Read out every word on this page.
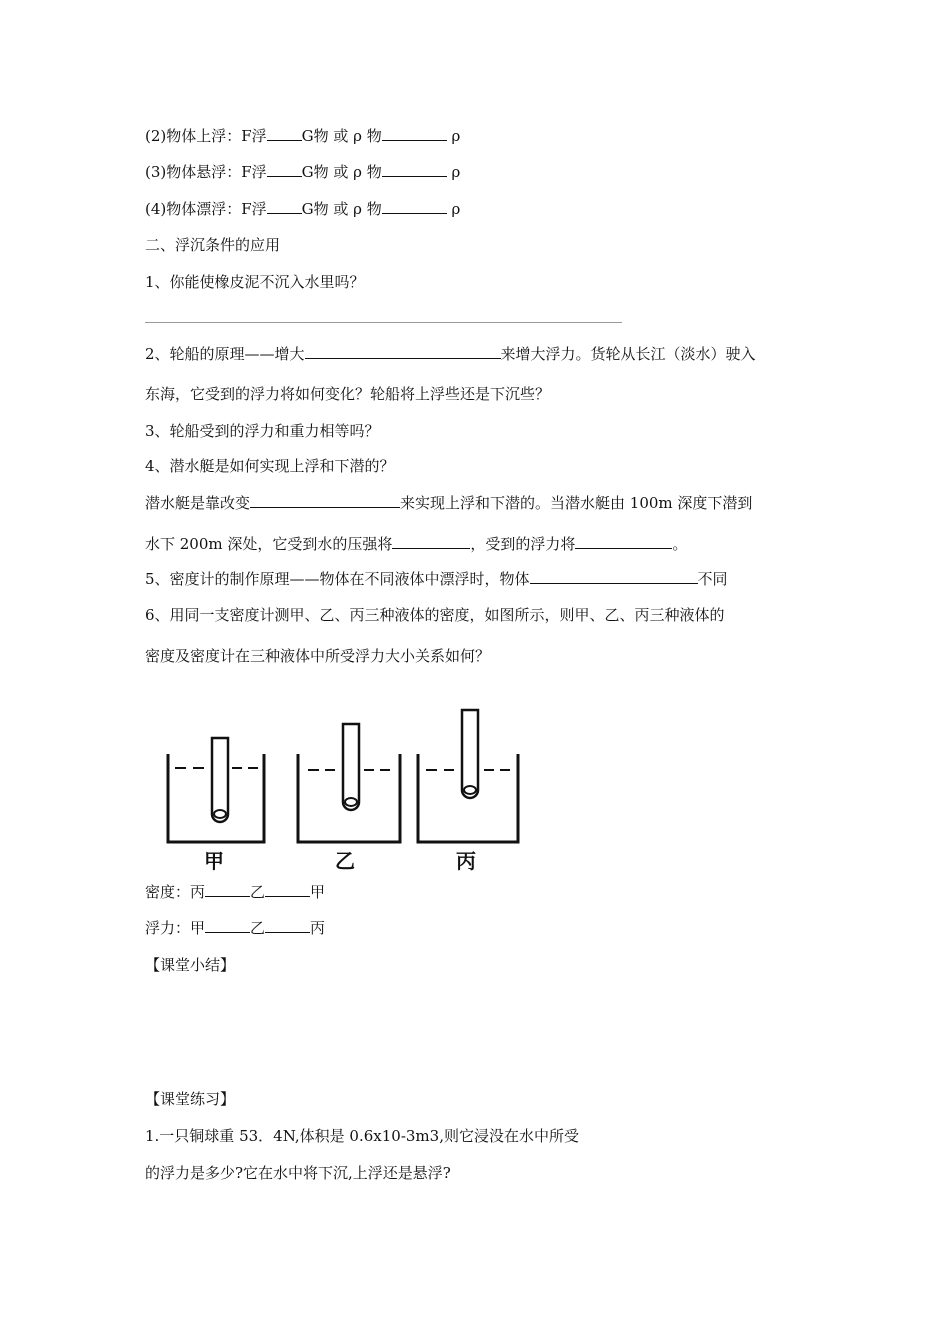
(2)物体上浮：F浮 G物 或 ρ 物	ρ
(3)物体悬浮：F浮 G物 或 ρ 物	ρ
(4)物体漂浮：F浮 G物 或 ρ 物	ρ
二、浮沉条件的应用
1、你能使橡皮泥不沉入水里吗？
2、轮船的原理——增大	来增大浮力。货轮从长江（淡水）驶入
东海，它受到的浮力将如何变化？轮船将上浮些还是下沉些？
3、轮船受到的浮力和重力相等吗？
4、潜水艇是如何实现上浮和下潜的？
潜水艇是靠改变	来实现上浮和下潜的。当潜水艇由 100m 深度下潜到
水下 200m 深处，它受到水的压强将	，受到的浮力将	。
5、密度计的制作原理——物体在不同液体中漂浮时，物体	不同
6、用同一支密度计测甲、乙、丙三种液体的密度，如图所示，则甲、乙、丙三种液体的
密度及密度计在三种液体中所受浮力大小关系如何？
甲	乙	丙
密度：丙	乙	甲
浮力：甲	乙	丙
【课堂小结】
【课堂练习】
1.一只铜球重 53．4N,体积是 0.6x10-3m3,则它浸没在水中所受
的浮力是多少?它在水中将下沉,上浮还是悬浮?
